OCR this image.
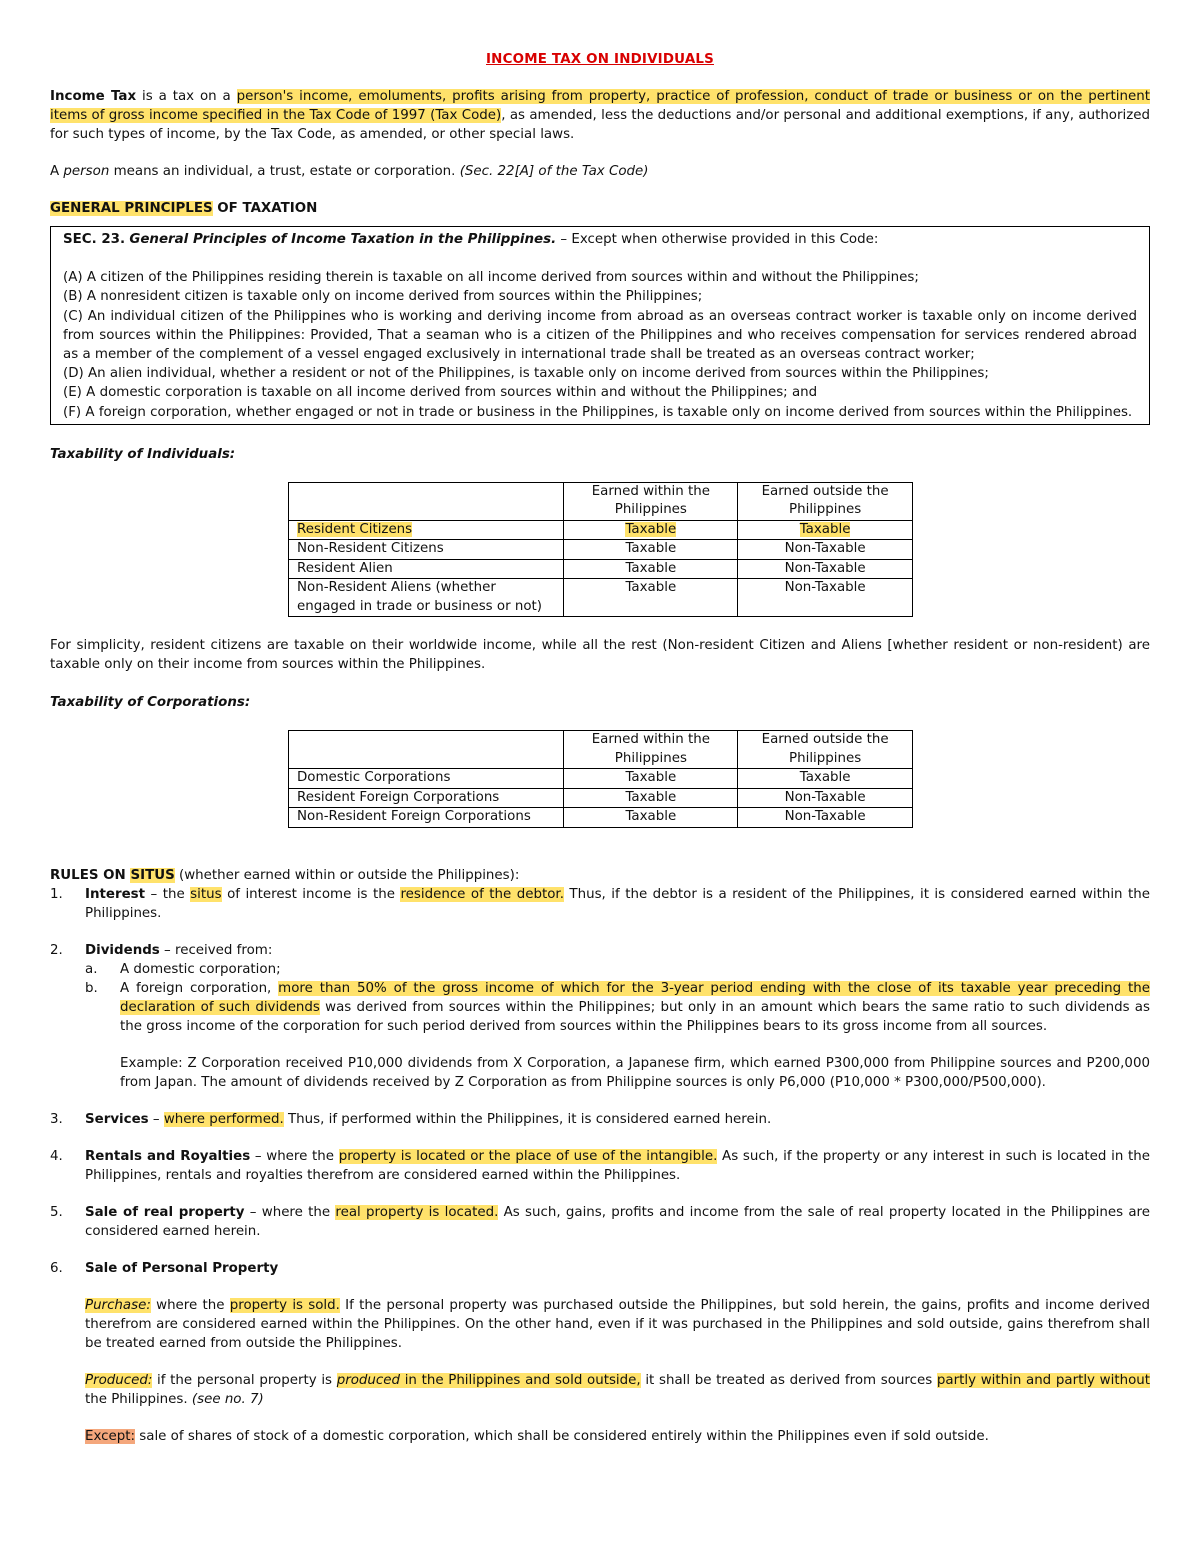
INCOME TAX ON INDIVIDUALS

Income Tax is a tax on a person's income, emoluments, profits arising from property, practice of profession, conduct of trade or business or on the pertinent items of gross income specified in the Tax Code of 1997 (Tax Code), as amended, less the deductions and/or personal and additional exemptions, if any, authorized for such types of income, by the Tax Code, as amended, or other special laws.

A person means an individual, a trust, estate or corporation. (Sec. 22[A] of the Tax Code)

GENERAL PRINCIPLES OF TAXATION

SEC. 23. General Principles of Income Taxation in the Philippines. – Except when otherwise provided in this Code:

(A) A citizen of the Philippines residing therein is taxable on all income derived from sources within and without the Philippines;

(B) A nonresident citizen is taxable only on income derived from sources within the Philippines;

(C) An individual citizen of the Philippines who is working and deriving income from abroad as an overseas contract worker is taxable only on income derived from sources within the Philippines: Provided, That a seaman who is a citizen of the Philippines and who receives compensation for services rendered abroad as a member of the complement of a vessel engaged exclusively in international trade shall be treated as an overseas contract worker;

(D) An alien individual, whether a resident or not of the Philippines, is taxable only on income derived from sources within the Philippines;

(E) A domestic corporation is taxable on all income derived from sources within and without the Philippines; and

(F) A foreign corporation, whether engaged or not in trade or business in the Philippines, is taxable only on income derived from sources within the Philippines.

Taxability of Individuals:

	Earned within the Philippines	Earned outside the Philippines
Resident Citizens	Taxable	Taxable
Non-Resident Citizens	Taxable	Non-Taxable
Resident Alien	Taxable	Non-Taxable
Non-Resident Aliens (whether engaged in trade or business or not)	Taxable	Non-Taxable

For simplicity, resident citizens are taxable on their worldwide income, while all the rest (Non-resident Citizen and Aliens [whether resident or non-resident) are taxable only on their income from sources within the Philippines.

Taxability of Corporations:

	Earned within the Philippines	Earned outside the Philippines
Domestic Corporations	Taxable	Taxable
Resident Foreign Corporations	Taxable	Non-Taxable
Non-Resident Foreign Corporations	Taxable	Non-Taxable

RULES ON SITUS (whether earned within or outside the Philippines):

1.	Interest – the situs of interest income is the residence of the debtor. Thus, if the debtor is a resident of the Philippines, it is considered earned within the Philippines.
2.	Dividends – received from:

a.	A domestic corporation;
b.	A foreign corporation, more than 50% of the gross income of which for the 3-year period ending with the close of its taxable year preceding the declaration of such dividends was derived from sources within the Philippines; but only in an amount which bears the same ratio to such dividends as the gross income of the corporation for such period derived from sources within the Philippines bears to its gross income from all sources.

Example: Z Corporation received P10,000 dividends from X Corporation, a Japanese firm, which earned P300,000 from Philippine sources and P200,000 from Japan. The amount of dividends received by Z Corporation as from Philippine sources is only P6,000 (P10,000 * P300,000/P500,000).

3.	Services – where performed. Thus, if performed within the Philippines, it is considered earned herein.
4.	Rentals and Royalties – where the property is located or the place of use of the intangible. As such, if the property or any interest in such is located in the Philippines, rentals and royalties therefrom are considered earned within the Philippines.
5.	Sale of real property – where the real property is located. As such, gains, profits and income from the sale of real property located in the Philippines are considered earned herein.
6.	Sale of Personal Property

Purchase: where the property is sold. If the personal property was purchased outside the Philippines, but sold herein, the gains, profits and income derived therefrom are considered earned within the Philippines. On the other hand, even if it was purchased in the Philippines and sold outside, gains therefrom shall be treated earned from outside the Philippines.

Produced: if the personal property is produced in the Philippines and sold outside, it shall be treated as derived from sources partly within and partly without the Philippines. (see no. 7)

Except: sale of shares of stock of a domestic corporation, which shall be considered entirely within the Philippines even if sold outside.
